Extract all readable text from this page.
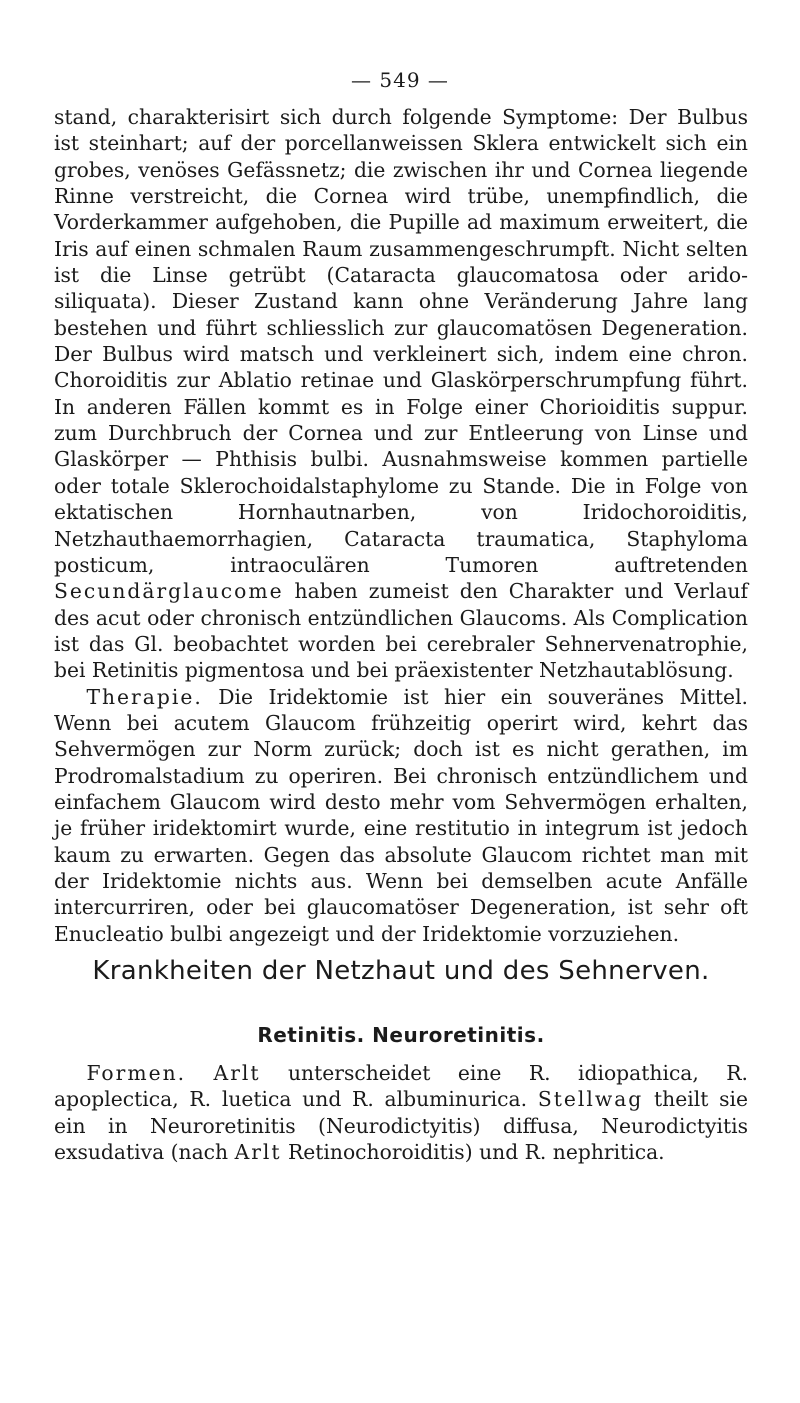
— 549 —

stand, charakterisirt sich durch folgende Symptome: Der Bulbus ist steinhart; auf der porcellanweissen Sklera entwickelt sich ein grobes, venöses Gefässnetz; die zwischen ihr und Cornea liegende Rinne verstreicht, die Cornea wird trübe, unempfindlich, die Vorderkammer aufgehoben, die Pupille ad maximum erweitert, die Iris auf einen schmalen Raum zusammengeschrumpft. Nicht selten ist die Linse getrübt (Cataracta glaucomatosa oder arido-siliquata). Dieser Zustand kann ohne Veränderung Jahre lang bestehen und führt schliesslich zur glaucomatösen Degeneration. Der Bulbus wird matsch und verkleinert sich, indem eine chron. Choroiditis zur Ablatio retinae und Glaskörperschrumpfung führt. In anderen Fällen kommt es in Folge einer Chorioiditis suppur. zum Durchbruch der Cornea und zur Entleerung von Linse und Glaskörper — Phthisis bulbi. Ausnahmsweise kommen partielle oder totale Sklerochoidalstaphylome zu Stande. Die in Folge von ektatischen Hornhautnarben, von Iridochoroiditis, Netzhauthaemorrhagien, Cataracta traumatica, Staphyloma posticum, intraoculären Tumoren auftretenden Secundärglaucome haben zumeist den Charakter und Verlauf des acut oder chronisch entzündlichen Glaucoms. Als Complication ist das Gl. beobachtet worden bei cerebraler Sehnervenatrophie, bei Retinitis pigmentosa und bei präexistenter Netzhautablösung.

Therapie. Die Iridektomie ist hier ein souveränes Mittel. Wenn bei acutem Glaucom frühzeitig operirt wird, kehrt das Sehvermögen zur Norm zurück; doch ist es nicht gerathen, im Prodromalstadium zu operiren. Bei chronisch entzündlichem und einfachem Glaucom wird desto mehr vom Sehvermögen erhalten, je früher iridektomirt wurde, eine restitutio in integrum ist jedoch kaum zu erwarten. Gegen das absolute Glaucom richtet man mit der Iridektomie nichts aus. Wenn bei demselben acute Anfälle intercurriren, oder bei glaucomatöser Degeneration, ist sehr oft Enucleatio bulbi angezeigt und der Iridektomie vorzuziehen.

Krankheiten der Netzhaut und des Sehnerven.
Retinitis. Neuroretinitis.

Formen. Arlt unterscheidet eine R. idiopathica, R. apoplectica, R. luetica und R. albuminurica. Stellwag theilt sie ein in Neuroretinitis (Neurodictyitis) diffusa, Neurodictyitis exsudativa (nach Arlt Retinochoroiditis) und R. nephritica.
